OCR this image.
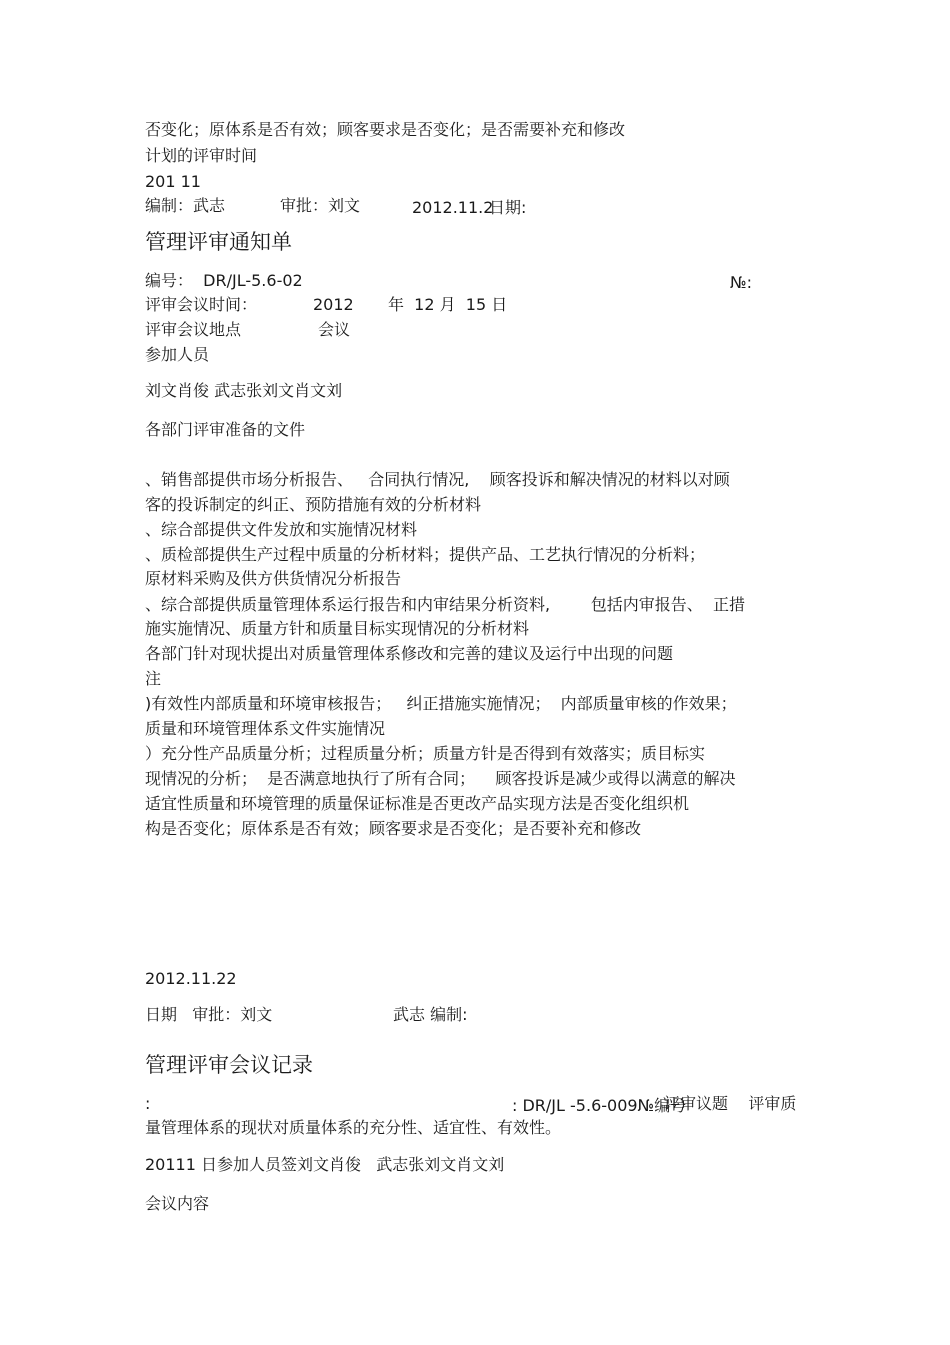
否变化；原体系是否有效；顾客要求是否变化；是否需要补充和修改
计划的评审时间
201 11
编制：武志	审批：刘文	2012.11.2
日期:
管理评审通知单
编号：  DR/JL-5.6-02	№:
评审会议时间：	2012 年  12 月  15 日
评审会议地点	会议
参加人员
刘文肖俊 武志张刘文肖文刘
各部门评审准备的文件
、销售部提供市场分析报告、   合同执行情况,    顾客投诉和解决情况的材料以对顾
客的投诉制定的纠正、预防措施有效的分析材料
、综合部提供文件发放和实施情况材料
、质检部提供生产过程中质量的分析材料；提供产品、工艺执行情况的分析料；
原材料采购及供方供货情况分析报告
、综合部提供质量管理体系运行报告和内审结果分析资料,        包括内审报告、  正措
施实施情况、质量方针和质量目标实现情况的分析材料
各部门针对现状提出对质量管理体系修改和完善的建议及运行中出现的问题
注
)有效性内部质量和环境审核报告；   纠正措施实施情况；  内部质量审核的作效果；
质量和环境管理体系文件实施情况
）充分性产品质量分析；过程质量分析；质量方针是否得到有效落实；质目标实
现情况的分析；  是否满意地执行了所有合同；    顾客投诉是减少或得以满意的解决
适宜性质量和环境管理的质量保证标准是否更改产品实现方法是否变化组织机
构是否变化；原体系是否有效；顾客要求是否变化；是否要补充和修改
2012.11.22
日期   审批：刘文	武志 编制:
管理评审会议记录
:	: DR/JL -5.6-009№编号
评审议题    评审质
量管理体系的现状对质量体系的充分性、适宜性、有效性。
20111 日参加人员签刘文肖俊   武志张刘文肖文刘
会议内容
